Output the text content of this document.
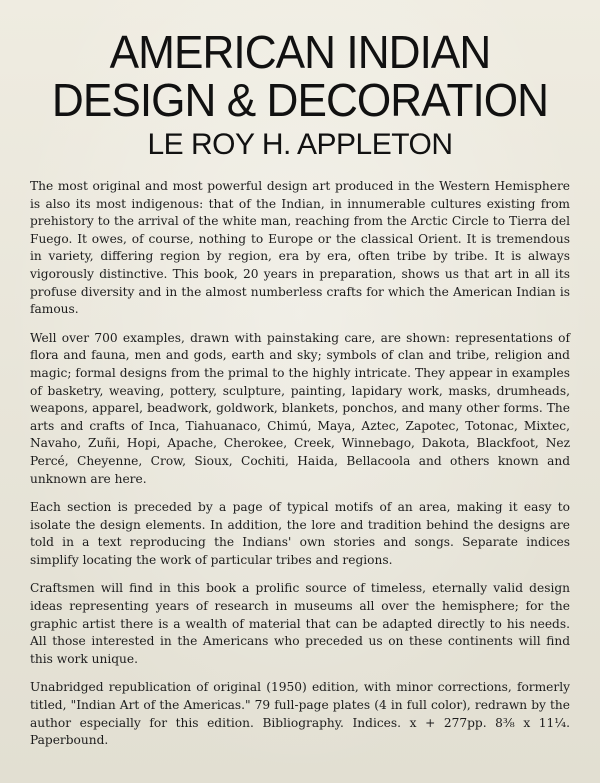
AMERICAN INDIAN
DESIGN & DECORATION
LE ROY H. APPLETON

The most original and most powerful design art produced in the Western Hemisphere is also its most indigenous: that of the Indian, in innumerable cultures existing from prehistory to the arrival of the white man, reaching from the Arctic Circle to Tierra del Fuego. It owes, of course, nothing to Europe or the classical Orient. It is tremendous in variety, differing region by region, era by era, often tribe by tribe. It is always vigorously distinctive. This book, 20 years in preparation, shows us that art in all its profuse diversity and in the almost numberless crafts for which the American Indian is famous.

Well over 700 examples, drawn with painstaking care, are shown: representations of flora and fauna, men and gods, earth and sky; symbols of clan and tribe, religion and magic; formal designs from the primal to the highly intricate. They appear in examples of basketry, weaving, pottery, sculpture, painting, lapidary work, masks, drumheads, weapons, apparel, beadwork, goldwork, blankets, ponchos, and many other forms. The arts and crafts of Inca, Tiahuanaco, Chimú, Maya, Aztec, Zapotec, Totonac, Mixtec, Navaho, Zuñi, Hopi, Apache, Cherokee, Creek, Winnebago, Dakota, Blackfoot, Nez Percé, Cheyenne, Crow, Sioux, Cochiti, Haida, Bellacoola and others known and unknown are here.

Each section is preceded by a page of typical motifs of an area, making it easy to isolate the design elements. In addition, the lore and tradition behind the designs are told in a text reproducing the Indians' own stories and songs. Separate indices simplify locating the work of particular tribes and regions.

Craftsmen will find in this book a prolific source of timeless, eternally valid design ideas representing years of research in museums all over the hemisphere; for the graphic artist there is a wealth of material that can be adapted directly to his needs. All those interested in the Americans who preceded us on these continents will find this work unique.

Unabridged republication of original (1950) edition, with minor corrections, formerly titled, "Indian Art of the Americas." 79 full-page plates (4 in full color), redrawn by the author especially for this edition. Bibliography. Indices. x + 277pp. 8⅜ x 11¼. Paperbound.
